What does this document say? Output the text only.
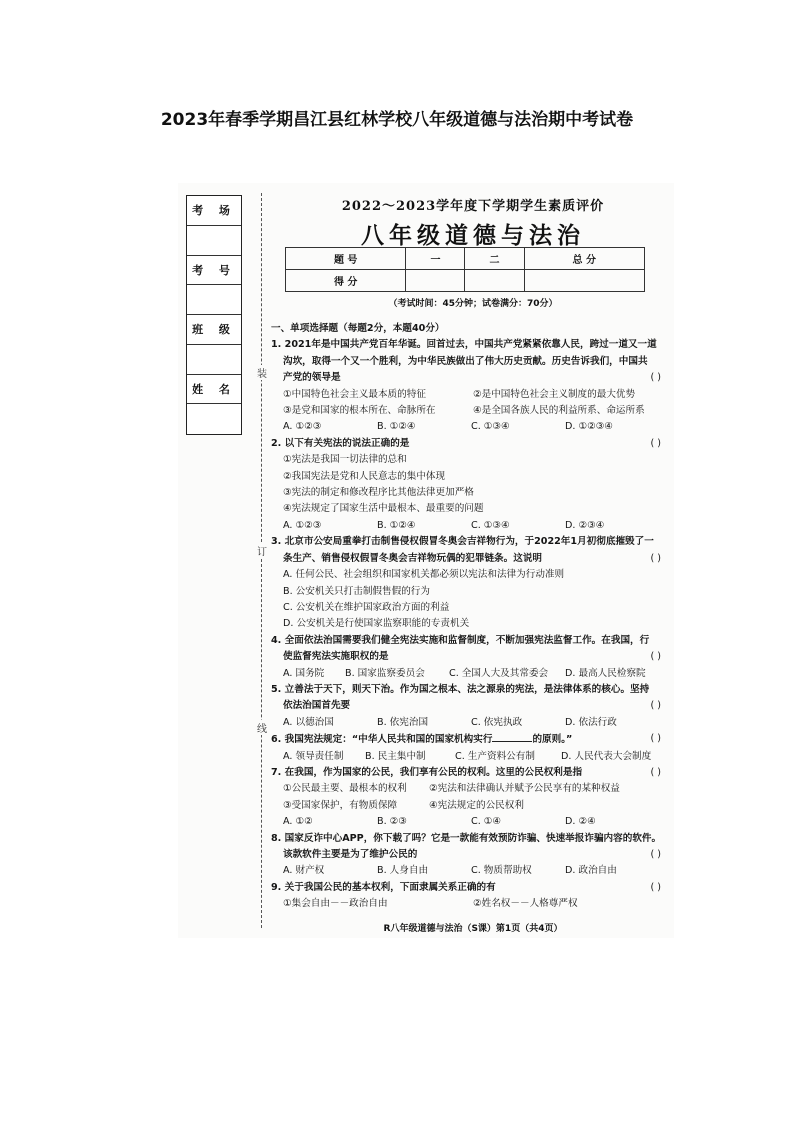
2023年春季学期昌江县红林学校八年级道德与法治期中考试卷
考 场
考 号
班 级
姓 名
装
订
线
2022～2023学年度下学期学生素质评价
八年级道德与法治
题 号	一	二	总 分
得 分			
（考试时间：45分钟；试卷满分：70分）
一、单项选择题（每题2分，本题40分）
1. 2021年是中国共产党百年华诞。回首过去，中国共产党紧紧依靠人民，跨过一道又一道
沟坎，取得一个又一个胜利，为中华民族做出了伟大历史贡献。历史告诉我们，中国共
产党的领导是	( )
①中国特色社会主义最本质的特征	②是中国特色社会主义制度的最大优势
③是党和国家的根本所在、命脉所在	④是全国各族人民的利益所系、命运所系
A. ①②③	B. ①②④	C. ①③④	D. ①②③④
2. 以下有关宪法的说法正确的是	( )
①宪法是我国一切法律的总和
②我国宪法是党和人民意志的集中体现
③宪法的制定和修改程序比其他法律更加严格
④宪法规定了国家生活中最根本、最重要的问题
A. ①②③	B. ①②④	C. ①③④	D. ②③④
3. 北京市公安局重拳打击制售侵权假冒冬奥会吉祥物行为，于2022年1月初彻底摧毁了一
条生产、销售侵权假冒冬奥会吉祥物玩偶的犯罪链条。这说明	( )
A. 任何公民、社会组织和国家机关都必须以宪法和法律为行动准则
B. 公安机关只打击制假售假的行为
C. 公安机关在维护国家政治方面的利益
D. 公安机关是行使国家监察职能的专责机关
4. 全面依法治国需要我们健全宪法实施和监督制度，不断加强宪法监督工作。在我国，行
使监督宪法实施职权的是	( )
A. 国务院	B. 国家监察委员会	C. 全国人大及其常委会	D. 最高人民检察院
5. 立善法于天下，则天下治。作为国之根本、法之源泉的宪法，是法律体系的核心。坚持
依法治国首先要	( )
A. 以德治国	B. 依宪治国	C. 依宪执政	D. 依法行政
6. 我国宪法规定：“中华人民共和国的国家机构实行	的原则。”	( )
A. 领导责任制	B. 民主集中制	C. 生产资料公有制	D. 人民代表大会制度
7. 在我国，作为国家的公民，我们享有公民的权利。这里的公民权利是指	( )
①公民最主要、最根本的权利	②宪法和法律确认并赋予公民享有的某种权益
③受国家保护，有物质保障	④宪法规定的公民权利
A. ①②	B. ②③	C. ①④	D. ②④
8. 国家反诈中心APP，你下载了吗？它是一款能有效预防诈骗、快速举报诈骗内容的软件。
该款软件主要是为了维护公民的	( )
A. 财产权	B. 人身自由	C. 物质帮助权	D. 政治自由
9. 关于我国公民的基本权利，下面隶属关系正确的有	( )
①集会自由－－政治自由	②姓名权－－人格尊严权
R八年级道德与法治（S课）第1页（共4页）
